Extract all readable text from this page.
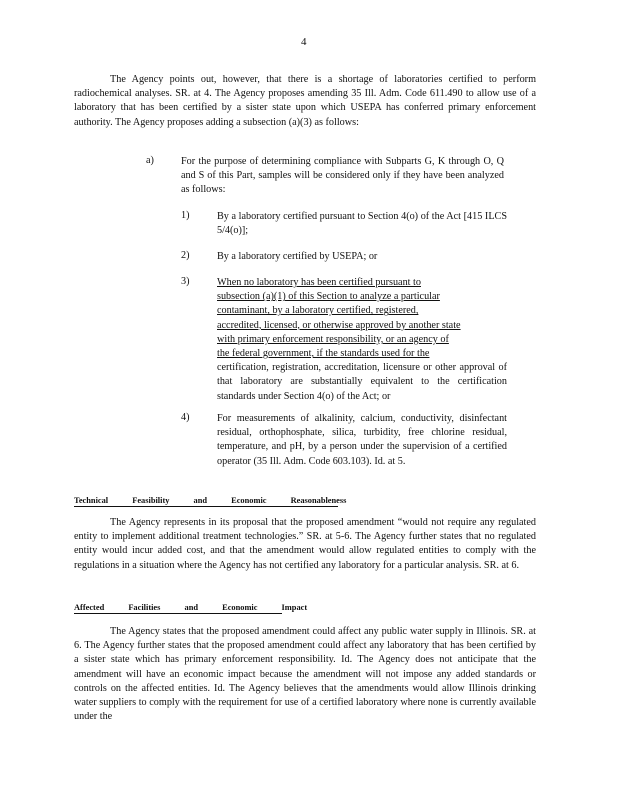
4
The Agency points out, however, that there is a shortage of laboratories certified to perform radiochemical analyses. SR. at 4. The Agency proposes amending 35 Ill. Adm. Code 611.490 to allow use of a laboratory that has been certified by a sister state upon which USEPA has conferred primary enforcement authority. The Agency proposes adding a subsection (a)(3) as follows:
a)	For the purpose of determining compliance with Subparts G, K through O, Q and S of this Part, samples will be considered only if they have been analyzed as follows:
1)	By a laboratory certified pursuant to Section 4(o) of the Act [415 ILCS 5/4(o)];
2)	By a laboratory certified by USEPA; or
3)	When no laboratory has been certified pursuant to
subsection (a)(1) of this Section to analyze a particular
contaminant, by a laboratory certified, registered,
accredited, licensed, or otherwise approved by another state
with primary enforcement responsibility, or an agency of
the federal government, if the standards used for the
certification, registration, accreditation, licensure or other approval of that laboratory are substantially equivalent to the certification standards under Section 4(o) of the Act; or
4)	For measurements of alkalinity, calcium, conductivity, disinfectant residual, orthophosphate, silica, turbidity, free chlorine residual, temperature, and pH, by a person under the supervision of a certified operator (35 Ill. Adm. Code 603.103). Id. at 5.
Technical Feasibility and Economic Reasonableness
The Agency represents in its proposal that the proposed amendment “would not require any regulated entity to implement additional treatment technologies.” SR. at 5-6. The Agency further states that no regulated entity would incur added cost, and that the amendment would allow regulated entities to comply with the regulations in a situation where the Agency has not certified any laboratory for a particular analysis. SR. at 6.
Affected Facilities and Economic Impact
The Agency states that the proposed amendment could affect any public water supply in Illinois. SR. at 6. The Agency further states that the proposed amendment could affect any laboratory that has been certified by a sister state which has primary enforcement responsibility. Id. The Agency does not anticipate that the amendment will have an economic impact because the amendment will not impose any added standards or controls on the affected entities. Id. The Agency believes that the amendments would allow Illinois drinking water suppliers to comply with the requirement for use of a certified laboratory where none is currently available under the
